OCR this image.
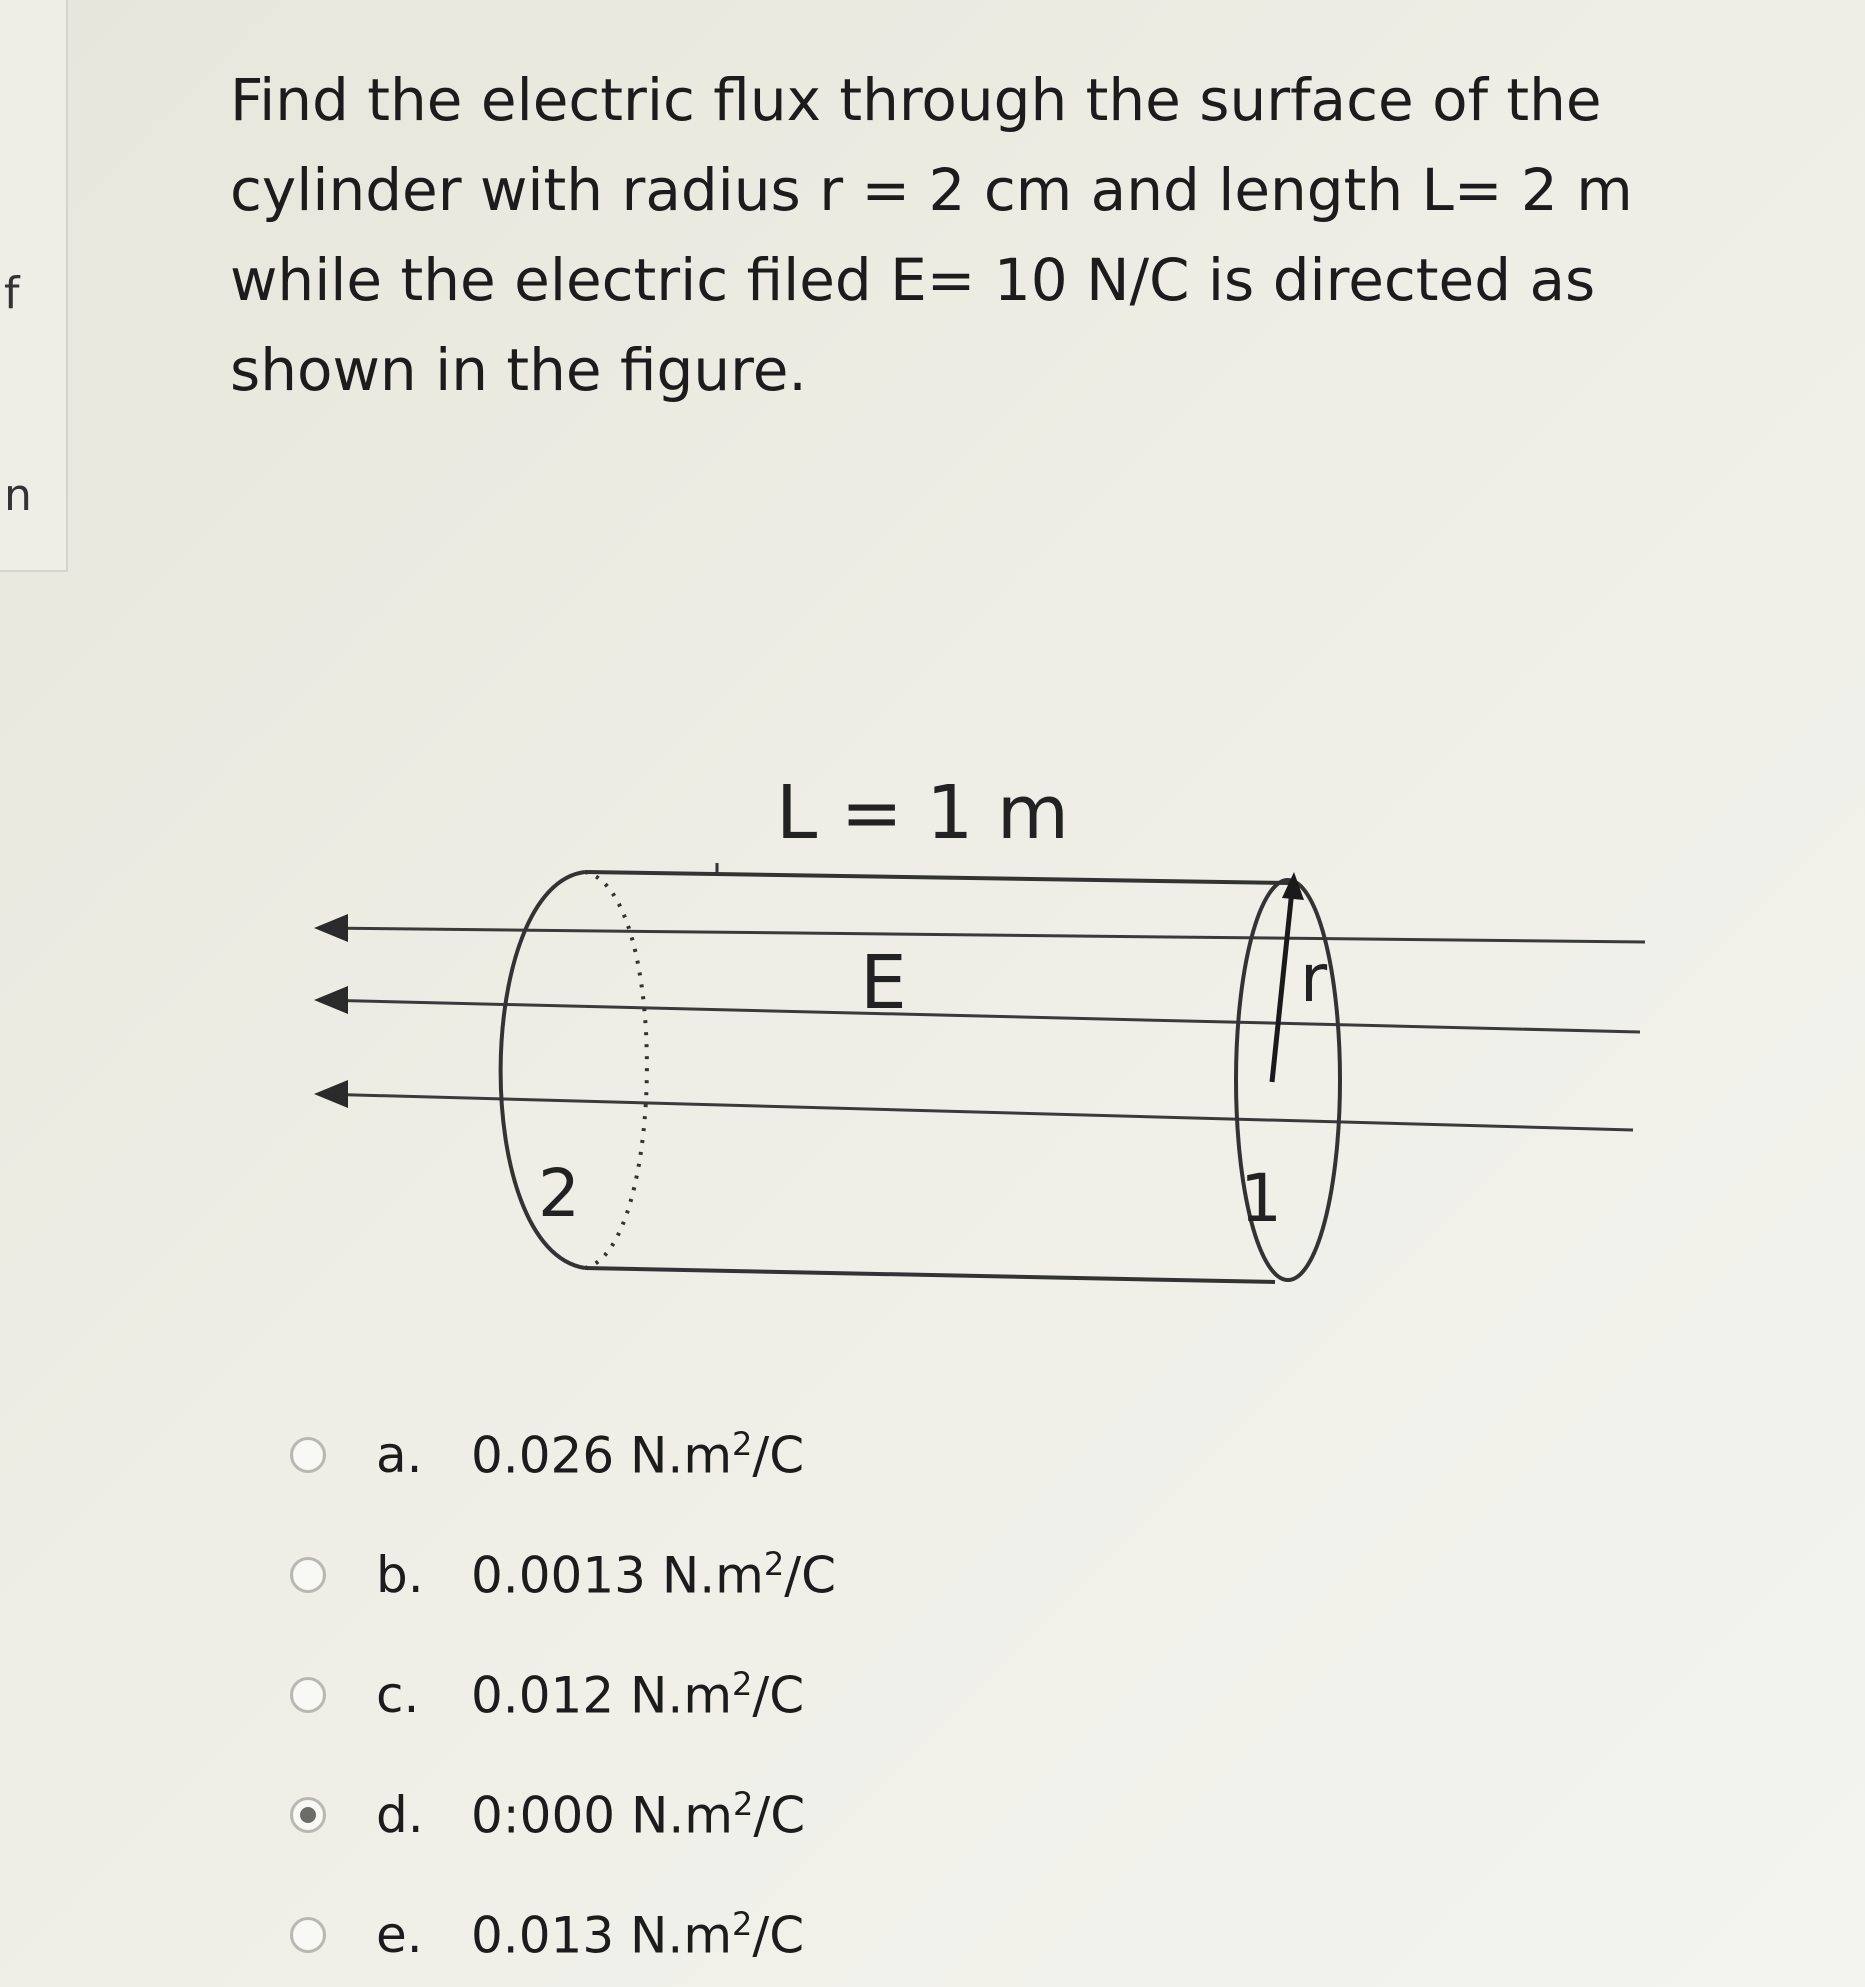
f
n

Find the electric flux through the surface of the cylinder with radius r = 2 cm and length L= 2 m while the electric filed E= 10 N/C is directed as shown in the figure.

L = 1 m
E	r
2	1
a. 0.026 $N.m^2/C$
b. 0.0013 $N.m^2/C$
c.	0.012 $N.m^2/C$
d. 0:000 $N.m^2/C$
e. 0.013 $N.m^2/C$
